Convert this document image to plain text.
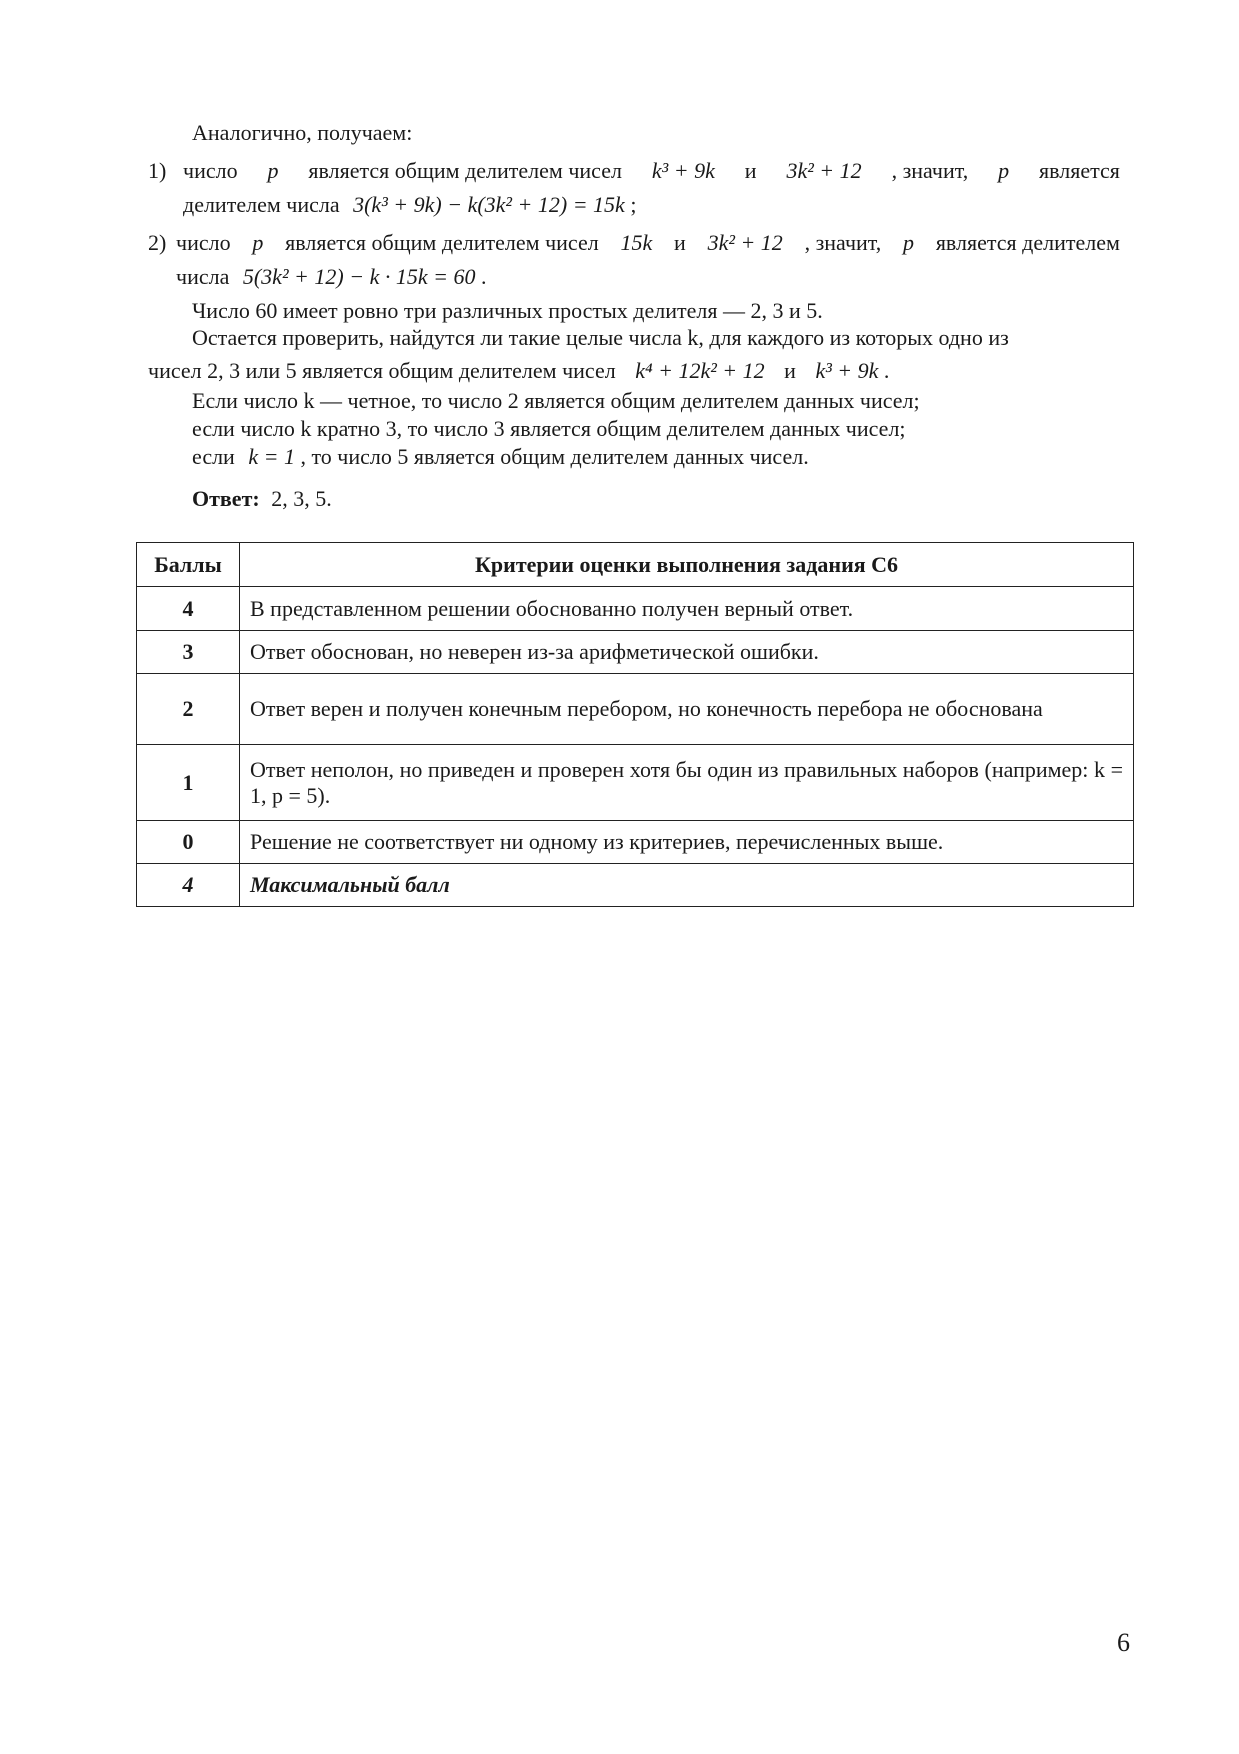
Аналогично, получаем:
1) число p является общим делителем чисел k³ + 9k и 3k² + 12 , значит, p является
делителем числа 3(k³ + 9k) − k(3k² + 12) = 15k ;
2) число p является общим делителем чисел 15k и 3k² + 12 , значит, p является делителем
числа 5(3k² + 12) − k · 15k = 60 .
Число 60 имеет ровно три различных простых делителя — 2, 3 и 5.
Остается проверить, найдутся ли такие целые числа k, для каждого из которых одно из
чисел 2, 3 или 5 является общим делителем чисел k⁴ + 12k² + 12 и k³ + 9k .
Если число k — четное, то число 2 является общим делителем данных чисел;
если число k кратно 3, то число 3 является общим делителем данных чисел;
если k = 1 , то число 5 является общим делителем данных чисел.
Ответ: 2, 3, 5.
Баллы	Критерии оценки выполнения задания С6
4	В представленном решении обоснованно получен верный ответ.
3	Ответ обоснован, но неверен из-за арифметической ошибки.
2	Ответ верен и получен конечным перебором, но конечность перебора не обоснована
1	Ответ неполон, но приведен и проверен хотя бы один из правильных наборов (например: k = 1, p = 5).
0	Решение не соответствует ни одному из критериев, перечисленных выше.
4	Максимальный балл
6
